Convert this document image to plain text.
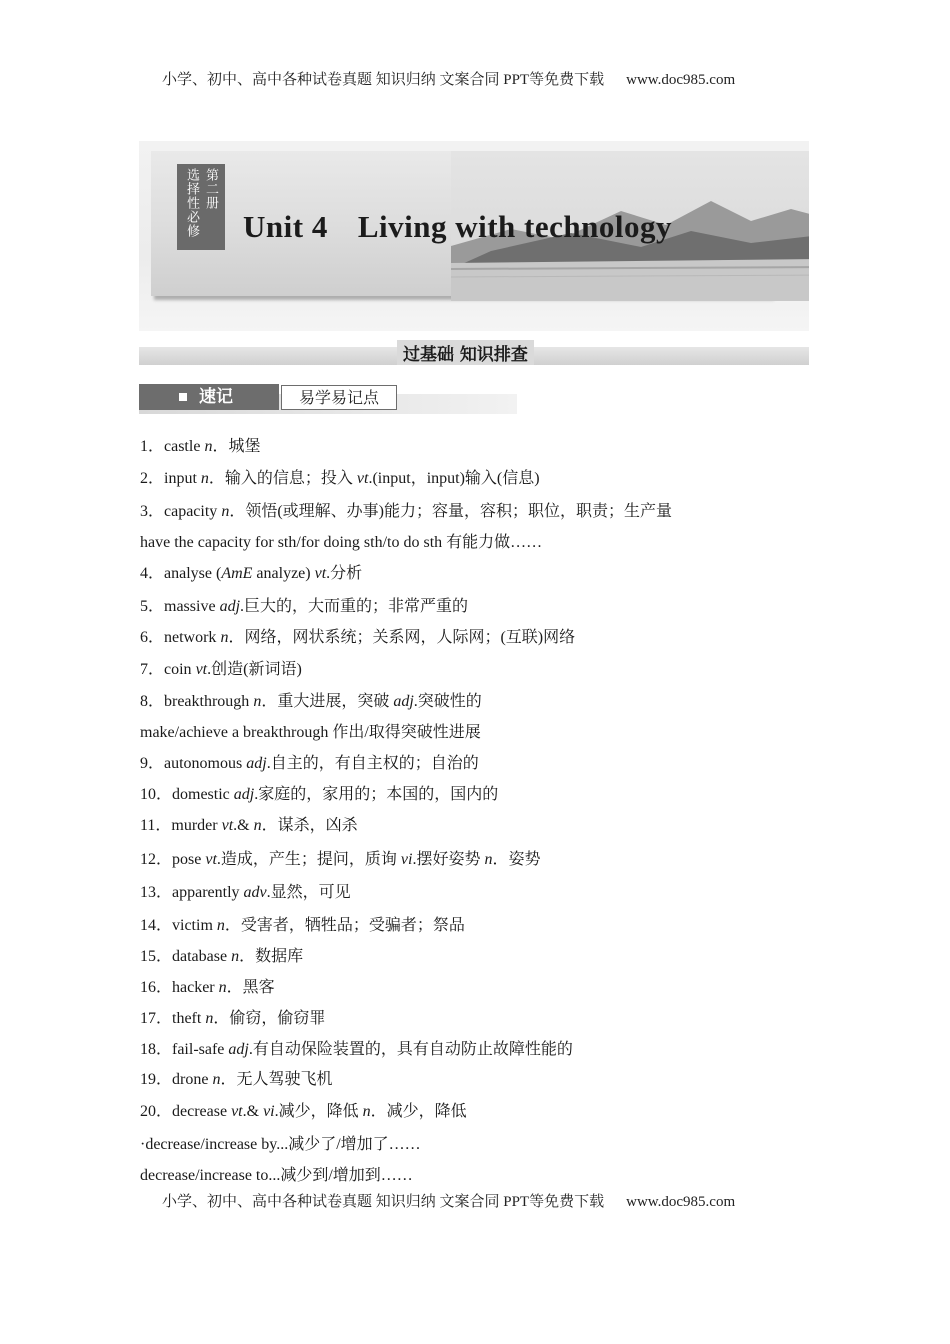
小学、初中、高中各种试卷真题 知识归纳 文案合同 PPT等免费下载 www.doc985.com
第二册
选择性必修 Unit 4 Living with technology
过基础 知识排查
速记	易学易记点
1．castle n．城堡
2．input n．输入的信息；投入 vt.(input，input)输入(信息)
3．capacity n．领悟(或理解、办事)能力；容量，容积；职位，职责；生产量
have the capacity for sth/for doing sth/to do sth 有能力做……
4．analyse (AmE analyze) vt.分析
5．massive adj.巨大的，大而重的；非常严重的
6．network n．网络，网状系统；关系网，人际网；(互联)网络
7．coin vt.创造(新词语)
8．breakthrough n．重大进展，突破 adj.突破性的
make/achieve a breakthrough 作出/取得突破性进展
9．autonomous adj.自主的，有自主权的；自治的
10．domestic adj.家庭的，家用的；本国的，国内的
11．murder vt.& n．谋杀，凶杀
12．pose vt.造成，产生；提问，质询 vi.摆好姿势 n．姿势
13．apparently adv.显然，可见
14．victim n．受害者，牺牲品；受骗者；祭品
15．database n．数据库
16．hacker n．黑客
17．theft n．偷窃，偷窃罪
18．fail-safe adj.有自动保险装置的，具有自动防止故障性能的
19．drone n．无人驾驶飞机
20．decrease vt.& vi.减少，降低 n．减少，降低
·decrease/increase by...减少了/增加了……
decrease/increase to...减少到/增加到……
小学、初中、高中各种试卷真题 知识归纳 文案合同 PPT等免费下载 www.doc985.com
